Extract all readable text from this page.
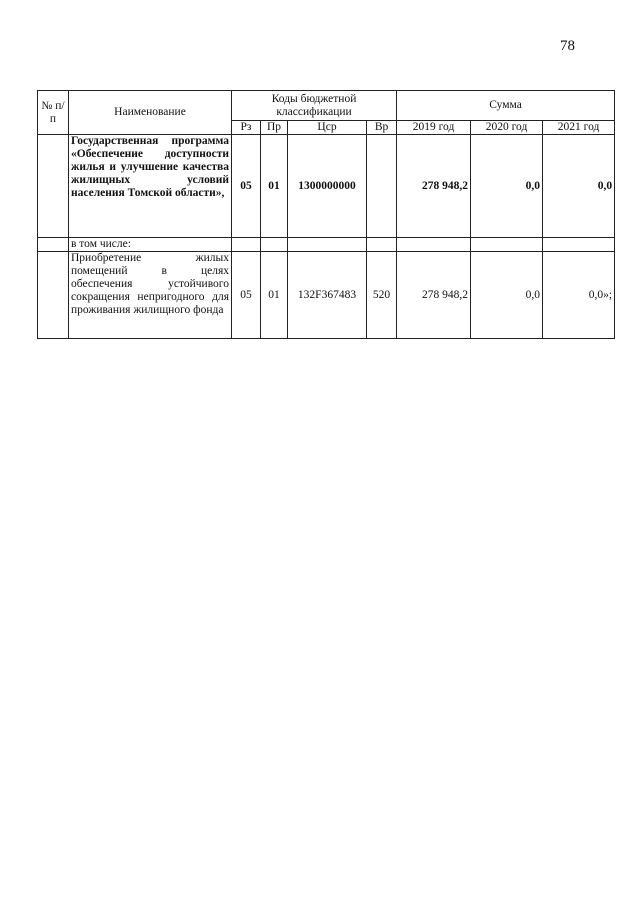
78
№ п/п	Наименование	Коды бюджетной классификации				Сумма		
		Рз	Пр	Цср	Вр	2019 год	2020 год	2021 год
	Государственная программа «Обеспечение доступности жилья и улучшение качества жилищных условий населения Томской области»,	05	01	1300000000		278 948,2	0,0	0,0
	в том числе:							
	Приобретение жилых помещений в целях обеспечения устойчивого сокращения непригодного для проживания жилищного фонда	05	01	132F367483	520	278 948,2	0,0	0,0»;
